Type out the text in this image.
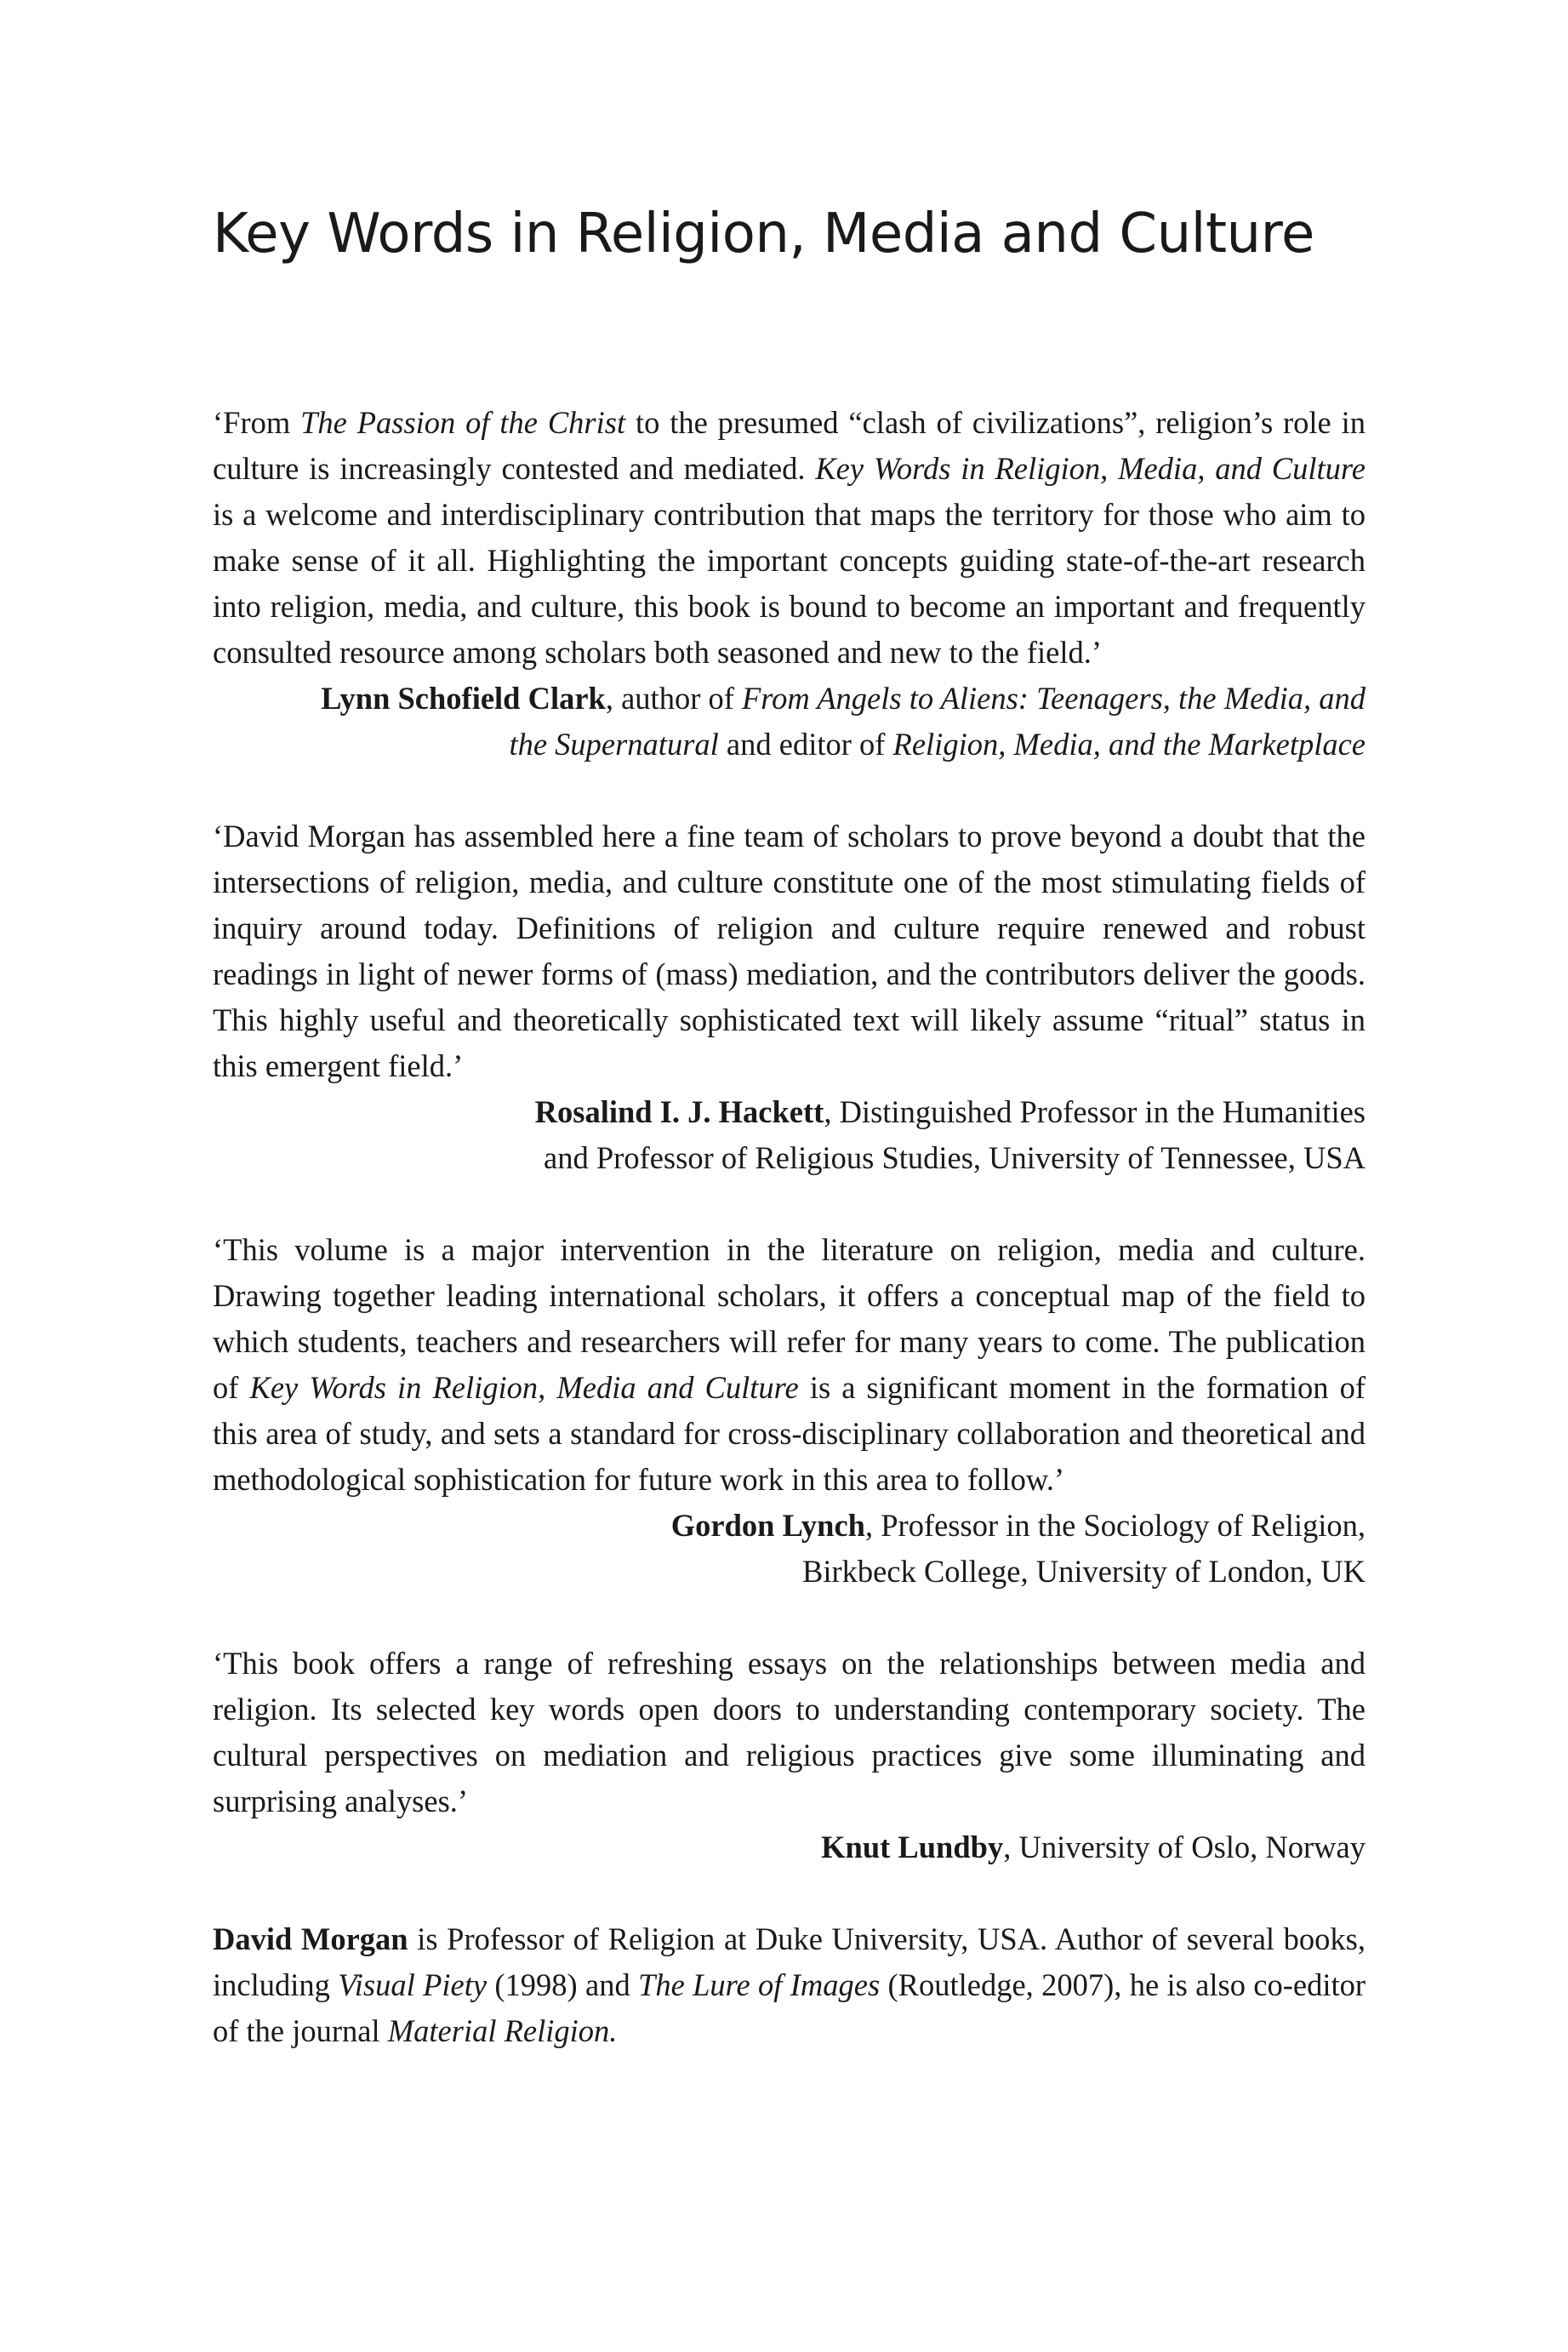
Key Words in Religion, Media and Culture

‘From The Passion of the Christ to the presumed “clash of civilizations”, religion’s role in culture is increasingly contested and mediated. Key Words in Religion, Media, and Culture is a welcome and interdisciplinary contribution that maps the territory for those who aim to make sense of it all. Highlighting the important concepts guiding state-of-the-art research into religion, media, and culture, this book is bound to become an important and frequently consulted resource among scholars both seasoned and new to the field.’

Lynn Schofield Clark, author of From Angels to Aliens: Teenagers, the Media, and

the Supernatural and editor of Religion, Media, and the Marketplace

‘David Morgan has assembled here a fine team of scholars to prove beyond a doubt that the intersections of religion, media, and culture constitute one of the most stimulating fields of inquiry around today. Definitions of religion and culture require renewed and robust readings in light of newer forms of (mass) mediation, and the contributors deliver the goods. This highly useful and theoretically sophisticated text will likely assume “ritual” status in this emergent field.’

Rosalind I. J. Hackett, Distinguished Professor in the Humanities

and Professor of Religious Studies, University of Tennessee, USA

‘This volume is a major intervention in the literature on religion, media and culture. Drawing together leading international scholars, it offers a conceptual map of the field to which students, teachers and researchers will refer for many years to come. The publication of Key Words in Religion, Media and Culture is a significant moment in the formation of this area of study, and sets a standard for cross-disciplinary collaboration and theoretical and methodological sophistication for future work in this area to follow.’

Gordon Lynch, Professor in the Sociology of Religion,

Birkbeck College, University of London, UK

‘This book offers a range of refreshing essays on the relationships between media and religion. Its selected key words open doors to understanding contemporary society. The cultural perspectives on mediation and religious practices give some illuminating and surprising analyses.’

Knut Lundby, University of Oslo, Norway

David Morgan is Professor of Religion at Duke University, USA. Author of several books, including Visual Piety (1998) and The Lure of Images (Routledge, 2007), he is also co-editor of the journal Material Religion.
